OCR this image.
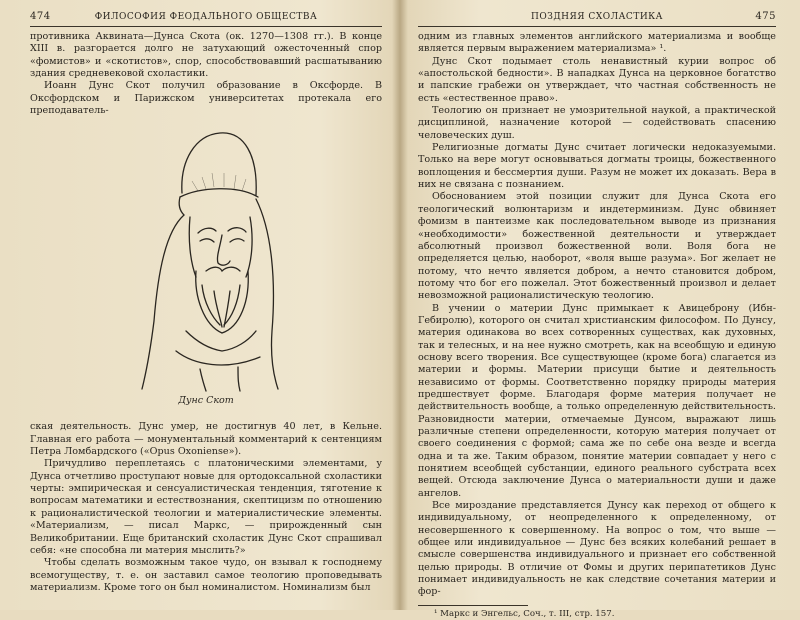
474	ФИЛОСОФИЯ ФЕОДАЛЬНОГО ОБЩЕСТВА

противника Аквината—Дунса Скота (ок. 1270—1308 гг.). В конце XIII в. разгорается долго не затухающий ожесточенный спор «фомистов» и «скотистов», спор, способствовавший расшатыванию здания средневековой схоластики.

Иоанн Дунс Скот получил образование в Оксфорде. В Оксфордском и Парижском университетах протекала его преподаватель-

Дунс Скот

ская деятельность. Дунс умер, не достигнув 40 лет, в Кельне. Главная его работа — монументальный комментарий к сентенциям Петра Ломбардского («Opus Oxoniense»).

Причудливо переплетаясь с платоническими элементами, у Дунса отчетливо проступают новые для ортодоксальной схоластики черты: эмпирическая и сенсуалистическая тенденция, тяготение к вопросам математики и естествознания, скептицизм по отношению к рационалистической теологии и материалистические элементы. «Материализм, — писал Маркс, — прирожденный сын Великобритании. Еще британский схоластик Дунс Скот спрашивал себя: «не способна ли материя мыслить?»

Чтобы сделать возможным такое чудо, он взывал к господнему всемогуществу, т. е. он заставил самое теологию проповедывать материализм. Кроме того он был номиналистом. Номинализм был

ПОЗДНЯЯ СХОЛАСТИКА	475

одним из главных элементов английского материализма и вообще является первым выражением материализма» ¹.

Дунс Скот подымает столь ненавистный курии вопрос об «апостольской бедности». В нападках Дунса на церковное богатство и папские грабежи он утверждает, что частная собственность не есть «естественное право».

Теологию он признает не умозрительной наукой, а практической дисциплиной, назначение которой — содействовать спасению человеческих душ.

Религиозные догматы Дунс считает логически недоказуемыми. Только на вере могут основываться догматы троицы, божественного воплощения и бессмертия души. Разум не может их доказать. Вера в них не связана с познанием.

Обоснованием этой позиции служит для Дунса Скота его теологический волюнтаризм и индетерминизм. Дунс обвиняет фомизм в пантеизме как последовательном выводе из признания «необходимости» божественной деятельности и утверждает абсолютный произвол божественной воли. Воля бога не определяется целью, наоборот, «воля выше разума». Бог желает не потому, что нечто является добром, а нечто становится добром, потому что бог его пожелал. Этот божественный произвол и делает невозможной рационалистическую теологию.

В учении о материи Дунс примыкает к Авицеброну (Ибн-Гебиролю), которого он считал христианским философом. По Дунсу, материя одинакова во всех сотворенных существах, как духовных, так и телесных, и на нее нужно смотреть, как на всеобщую и единую основу всего творения. Все существующее (кроме бога) слагается из материи и формы. Материи присущи бытие и деятельность независимо от формы. Соответственно порядку природы материя предшествует форме. Благодаря форме материя получает не действительность вообще, а только определенную действительность. Разновидности материи, отмечаемые Дунсом, выражают лишь различные степени определенности, которую материя получает от своего соединения с формой; сама же по себе она везде и всегда одна и та же. Таким образом, понятие материи совпадает у него с понятием всеобщей субстанции, единого реального субстрата всех вещей. Отсюда заключение Дунса о материальности души и даже ангелов.

Все мироздание представляется Дунсу как переход от общего к индивидуальному, от неопределенного к определенному, от несовершенного к совершенному. На вопрос о том, что выше — общее или индивидуальное — Дунс без всяких колебаний решает в смысле совершенства индивидуального и признает его собственной целью природы. В отличие от Фомы и других перипатетиков Дунс понимает индивидуальность не как следствие сочетания материи и фор-

¹ Маркс и Энгельс, Соч., т. III, стр. 157.
